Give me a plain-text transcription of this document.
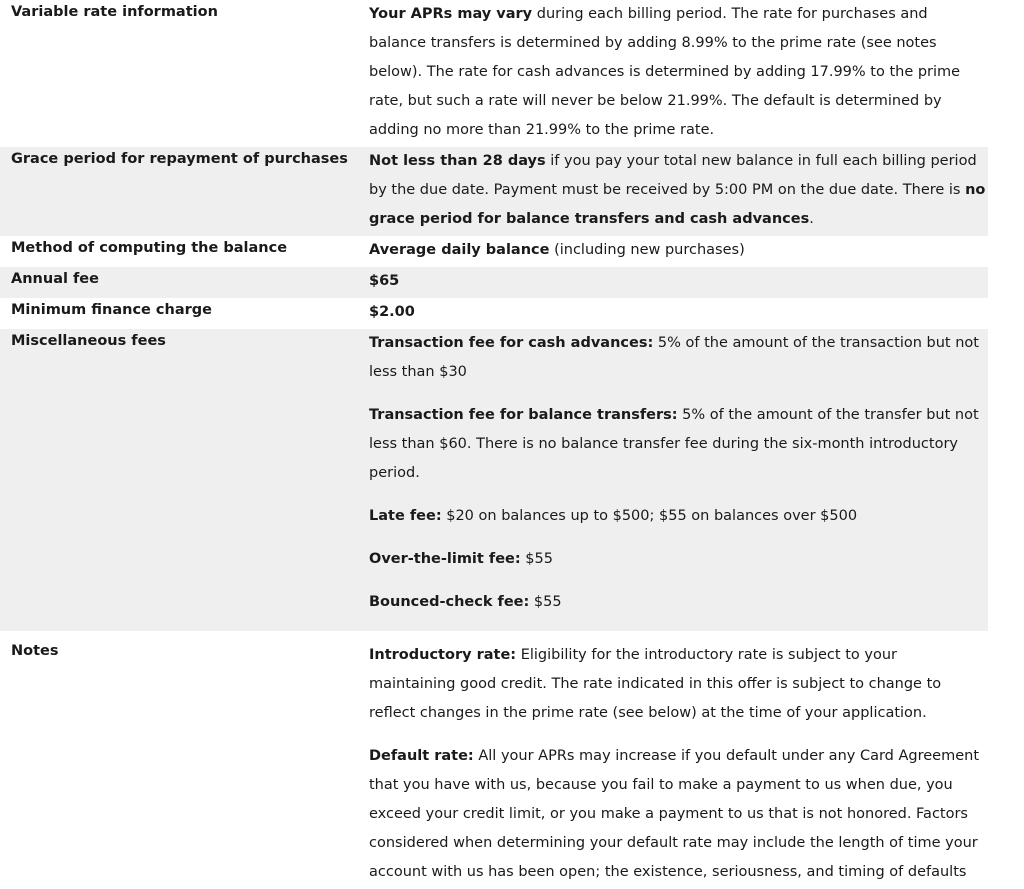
Variable rate information	Your APRs may vary during each billing period. The rate for purchases and balance transfers is determined by adding 8.99% to the prime rate (see notes below). The rate for cash advances is determined by adding 17.99% to the prime rate, but such a rate will never be below 21.99%. The default is determined by adding no more than 21.99% to the prime rate.

Grace period for repayment of purchases	Not less than 28 days if you pay your total new balance in full each billing period by the due date. Payment must be received by 5:00 PM on the due date. There is no grace period for balance transfers and cash advances.

Method of computing the balance	Average daily balance (including new purchases)

Annual fee	$65

Minimum finance charge	$2.00

Miscellaneous fees	Transaction fee for cash advances: 5% of the amount of the transaction but not less than $30

Transaction fee for balance transfers: 5% of the amount of the transfer but not less than $60. There is no balance transfer fee during the six-month introductory period.

Late fee: $20 on balances up to $500; $55 on balances over $500

Over-the-limit fee: $55

Bounced-check fee: $55

Notes	Introductory rate: Eligibility for the introductory rate is subject to your maintaining good credit. The rate indicated in this offer is subject to change to reflect changes in the prime rate (see below) at the time of your application.

Default rate: All your APRs may increase if you default under any Card Agreement that you have with us, because you fail to make a payment to us when due, you exceed your credit limit, or you make a payment to us that is not honored. Factors considered when determining your default rate may include the length of time your account with us has been open; the existence, seriousness, and timing of defaults
